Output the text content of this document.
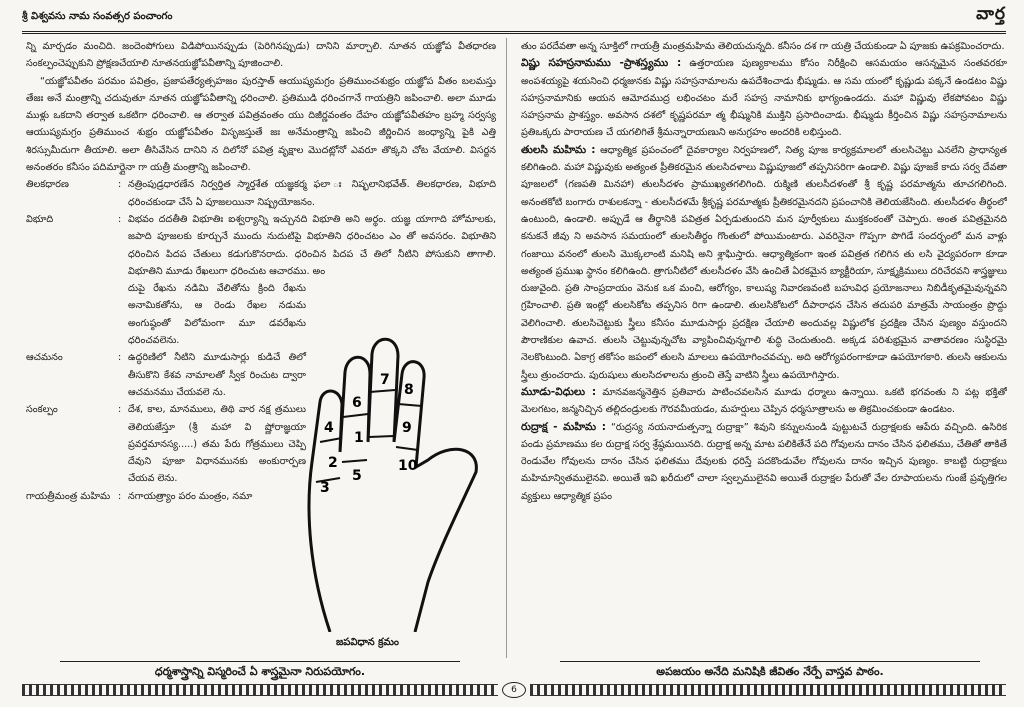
శ్రీ విశ్వవసు నామ సంవత్సర పంచాంగం	వార్త

న్ని మార్చడం మంచిది. జందెంపోగులు విడిపోయినప్పుడు (పెరిగినప్పుడు) దానిని మార్చాలి. నూతన యజ్ఞోప వీతధారణ సంకల్పంచెప్పుకుని ప్రోక్షణచేయాలి నూతనయజ్ఞోపవీతాన్ని పూజించాలి.

“యజ్ఞోపవీతం పరమం పవిత్రం, ప్రజాపతేర్యత్సహజం పురస్తాత్ ఆయుష్యమగ్రం ప్రతిముంచశుభ్రం యజ్ఞోప వీతం బలమస్తు తేజః అనే మంత్రాన్ని చదువుతూ నూతన యజ్ఞోపవీతాన్ని ధరించాలి. ప్రతిముడి ధరించగానే గాయత్రిని జపించాలి. అలా మూడు ముళ్లు ఒకదాని తర్వాత ఒకటిగా ధరించాలి. ఆ తర్వాత పవిత్రవంతం యు దిజీర్ణవంతం దేహం యజ్ఞోపవీతహం బ్రహ్మ సర్వస్య ఆయుష్యమగ్రం ప్రతిముంచ శుభ్రం యజ్ఞోపవీతం విసృజస్తుతే జః అనేమంత్రాన్ని జపించి జీర్ణించిన జంధ్యాన్ని పైకి ఎత్తి శిరస్సుమీదుగా తీయాలి. అలా తీసివేసిన దానిని న దిలోనో పవిత్ర వృక్షాల మొదట్లోనో ఎవరూ తొక్కని చోట వేయాలి. విసర్జన అనంతరం కనీసం పదిమార్లైనా గా యత్రీ మంత్రాన్ని జపించాలి.

తిలకధారణ	: నత్రింపుడ్రధారణేన నిర్వర్తిత స్మార్తశేత యజ్ఞకర్మ ఫలా ః నిష్ఫలానిభవేత్. తిలకధారణ, విభూది ధరించకుండా చేసే ఏ పూజలయినా నిష్ప్రయోజనం.
విభూది	: విభవం దదతీతి విభూతిః ఐశ్వర్యాన్ని ఇచ్చునది విభూతి అని అర్థం. యజ్ఞ యాగాది హోమాలకు, జపాది పూజలకు కూర్చునే ముందు నుదుటిపై విభూతిని ధరించటం ఎం తో అవసరం. విభూతిని ధరించిన పిదప చేతులు కడుగుకొనరాదు. ధరించిన పిదప చే తిలో నీటిని పోసుకుని తాగాలి. విభూతిని మూడు రేఖలుగా ధరించుట ఆచారము. అం
దుపై రేఖను నడిమి వేలితోను క్రింది రేఖను అనామికతోను, ఆ రెండు రేఖల నడుమ అంగుష్ఠంతో విలోమంగా మూ డవరేఖను ధరించవలెను.
ఆచమనం	: ఉద్ధరిణిలో నీటిని మూడుసార్లు కుడిచే తిలో తీసుకొని కేశవ నామాలతో స్వీక రించుట ద్వారా ఆచమనము చేయవలె ను.
సంకల్పం	: దేశ, కాల, మానములు, తిథి వార నక్ష త్రములు తెలియజేస్తూ (శ్రీ మహా వి ష్ణోరాజ్ఞయా ప్రవర్తమానస్య.....) తమ పేరు గోత్రములు చెప్పి దేవుని పూజా విధానమునకు అంకురార్పణ చేయవ లెను.
గాయత్రీమంత్ర మహిమ : నగాయత్ర్యాం పరం మంత్రం, నమా
1
2
3
4
5
6
7
8
9
10
జపవిధాన క్రమం

తుం పరదేవతా అన్న సూక్తిలో గాయత్రీ మంత్రమహిమ తెలియచున్నది. కనీసం దశ గా యత్రి చేయకుండా ఏ పూజకు ఉపక్రమించరాదు.

విష్ణు సహస్రనామము -ప్రాశస్త్యము : ఉత్తరాయణ పుణ్యకాలము కోసం నిరీక్షించి ఆసమయం ఆసన్నమైన సంతవరకూ అంపశయ్యపై శయనించి ధర్మజునకు విష్ణు సహస్రనామాలను ఉపదేశించాడు భీష్ముడు. ఆ సమ యంలో కృష్ణుడు పక్కనే ఉండటం విష్ణు సహస్రనామానికు ఆయన ఆమోదముద్ర లభించటం మరే సహస్ర నామానికు భాగ్యంఉండదు. మహా విష్ణువు లేకపోవటం విష్ణు సహస్రనామ ప్రాశస్త్యం. అవసాన దశలో కృష్ణపరమా త్మ భీష్మునికి ముక్తిని ప్రసాదించాడు. భీష్ముడు కీర్తించిన విష్ణు సహస్రనామాలను ప్రతిఒక్కరు పారాయణ చే యగలిగితే శ్రీమన్నారాయణుని అనుగ్రహం అందరికి లభిస్తుంది.

తులసి మహిమ : ఆధ్యాత్మిక ప్రపంచంలో దైవకార్యాల నిర్వహణలో, నిత్య పూజ కార్యక్రమాలలో తులసిచెట్టు ఎనలేని ప్రాధాన్యత కలిగిఉంది. మహా విష్ణువుకు అత్యంత ప్రీతికరమైన తులసిదళాలు విష్ణుపూజలో తప్పనిసరిగా ఉండాలి. విష్ణు పూజకే కాదు సర్వ దేవతా పూజలలో (గణపతి మినహా) తులసీదళం ప్రాముఖ్యతగలిగింది. రుక్మిణి తులసీదళంతో శ్రీ కృష్ణ పరమాత్మను తూచగలిగింది. అనంతకోటి బంగారు రాశులకన్నా - తులసీదళమే శ్రీకృష్ణ పరమాత్మకు ప్రీతికరమైనదని ప్రపంచానికి తెలియజేసింది. తులసీదళం తీర్థంలో ఉంటుంది, ఉండాలి. అప్పుడే ఆ తీర్థానికి పవిత్రత ఏర్పడుతుందని మన పూర్వీకులు ముక్తకంఠంతో చెప్పారు. అంత పవిత్రమైనది కనుకనే జీవు ని అవసాన సమయంలో తులసితీర్థం గొంతులో పోయిమంటారు. ఎవరినైనా గొప్పగా పొగిడే సందర్భంలో మన వాళ్లు గంజాయి వనంలో తులసి మొక్కలాంటి మనిషి అని శ్లాఘిస్తారు. ఆధ్యాత్మికంగా ఇంత పవిత్రత గలిగిన తు లసి వైద్యపరంగా కూడా అత్యంత ప్రముఖ స్థానం కలిగిఉంది. త్రాగునీటిలో తులసీదళం వేసి ఉంచితే ఏరకమైన బ్యాక్టీరియా, సూక్ష్మక్రిములు దరిచేరవని శాస్త్రజ్ఞులు రుజువైంది. ప్రతి సాంప్రదాయం వెనుక ఒక మంచి, ఆరోగ్యం, కాలుష్య నివారణవంటి బహువిధ ప్రయోజనాలు నిబిడీకృతమైవున్నవని గ్రహించాలి. ప్రతి ఇంట్లో తులసికోట తప్పనిస రిగా ఉండాలి. తులసికోటలో దీపారాధన చేసిన తదుపరి మాత్రమే సాయంత్రం ప్రొద్దు వెలిగించాలి. తులసిచెట్టుకు స్త్రీలు కనీసం మూడుసార్లు ప్రదక్షిణ చేయాలి అందువల్ల విష్ణులోక ప్రదక్షిణ చేసిన పుణ్యం వస్తుందని పౌరాణికుల ఉవాచ. తులసి చెట్టువున్నచోట వ్యాపించివున్నగాలి శుద్ధి చెందుతుంది. అక్కడ పరిశుభ్రమైన వాతావరణం సుస్థిరమై నెలకొంటుంది. ఏకాగ్ర తకోసం జపంలో తులసి మాలలు ఉపయోగించవచ్చు. అది ఆరోగ్యపరంగాకూడా ఉపయోగకారి. తులసి ఆకులను స్త్రీలు త్రుంచరాదు. పురుషులు తులసిదళాలను త్రుంచి తెస్తే వాటిని స్త్రీలు ఉపయోగిస్తారు.

మూడు-విధులు : మానవజన్మనెత్తిన ప్రతివారు పాటించవలసిన మూడు ధర్మాలు ఉన్నాయి. ఒకటి భగవంతు ని పట్ల భక్తితో మెలగటం, జన్మనిచ్చిన తల్లిదండ్రులకు గౌరవమీయడం, మహర్షులు చెప్పిన ధర్మసూత్రాలను అ తిక్రమించకుండా ఉండటం.

రుద్రాక్ష - మహిమ : “రుద్రస్య నయనాదుత్పన్నా రుద్రాక్షా” శివుని కన్నులనుండి పుట్టుటచే రుద్రాక్షలకు ఆపేరు వచ్చింది. ఉసిరిక పండు ప్రమాణము కల రుద్రాక్ష సర్వ శ్రేష్ఠమయినది. రుద్రాక్ష అన్న మాట పలికితేనే పది గోవులను దానం చేసిన ఫలితము, చేతితో తాకితే రెండువేల గోవులను దానం చేసిన ఫలితము దేవులకు ధరిస్తే పదకొండువేల గోవులను దానం ఇచ్చిన పుణ్యం. కాబట్టి రుద్రాక్షలు మహిమాన్వితములైనవి. అయితే ఇవి ఖరీదులో చాలా స్వల్పములైనవి అయితే రుద్రాక్షల పేరుతో వేల రూపాయలను గుంజే ప్రవృత్తిగల వ్యక్తులు ఆధ్యాత్మిక ప్రపం

ధర్మశాస్త్రాన్ని విస్మరించే ఏ శాస్త్రమైనా నిరుపయోగం.	అపజయం అనేది మనిషికి జీవితం నేర్పే వాస్తవ పాఠం.
6
